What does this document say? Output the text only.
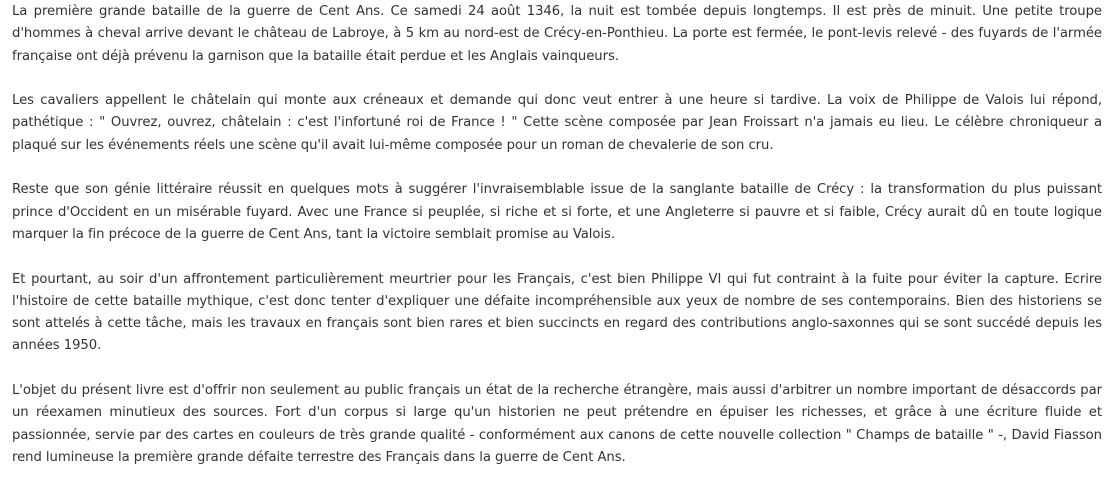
La première grande bataille de la guerre de Cent Ans. Ce samedi 24 août 1346, la nuit est tombée depuis longtemps. Il est près de minuit. Une petite troupe d'hommes à cheval arrive devant le château de Labroye, à 5 km au nord-est de Crécy-en-Ponthieu. La porte est fermée, le pont-levis relevé - des fuyards de l'armée française ont déjà prévenu la garnison que la bataille était perdue et les Anglais vainqueurs.

Les cavaliers appellent le châtelain qui monte aux créneaux et demande qui donc veut entrer à une heure si tardive. La voix de Philippe de Valois lui répond, pathétique : " Ouvrez, ouvrez, châtelain : c'est l'infortuné roi de France ! " Cette scène composée par Jean Froissart n'a jamais eu lieu. Le célèbre chroniqueur a plaqué sur les événements réels une scène qu'il avait lui-même composée pour un roman de chevalerie de son cru.

Reste que son génie littéraire réussit en quelques mots à suggérer l'invraisemblable issue de la sanglante bataille de Crécy : la transformation du plus puissant prince d'Occident en un misérable fuyard. Avec une France si peuplée, si riche et si forte, et une Angleterre si pauvre et si faible, Crécy aurait dû en toute logique marquer la fin précoce de la guerre de Cent Ans, tant la victoire semblait promise au Valois.

Et pourtant, au soir d'un affrontement particulièrement meurtrier pour les Français, c'est bien Philippe VI qui fut contraint à la fuite pour éviter la capture. Ecrire l'histoire de cette bataille mythique, c'est donc tenter d'expliquer une défaite incompréhensible aux yeux de nombre de ses contemporains. Bien des historiens se sont attelés à cette tâche, mais les travaux en français sont bien rares et bien succincts en regard des contributions anglo-saxonnes qui se sont succédé depuis les années 1950.

L'objet du présent livre est d'offrir non seulement au public français un état de la recherche étrangère, mais aussi d'arbitrer un nombre important de désaccords par un réexamen minutieux des sources. Fort d'un corpus si large qu'un historien ne peut prétendre en épuiser les richesses, et grâce à une écriture fluide et passionnée, servie par des cartes en couleurs de très grande qualité - conformément aux canons de cette nouvelle collection " Champs de bataille " -, David Fiasson rend lumineuse la première grande défaite terrestre des Français dans la guerre de Cent Ans.
